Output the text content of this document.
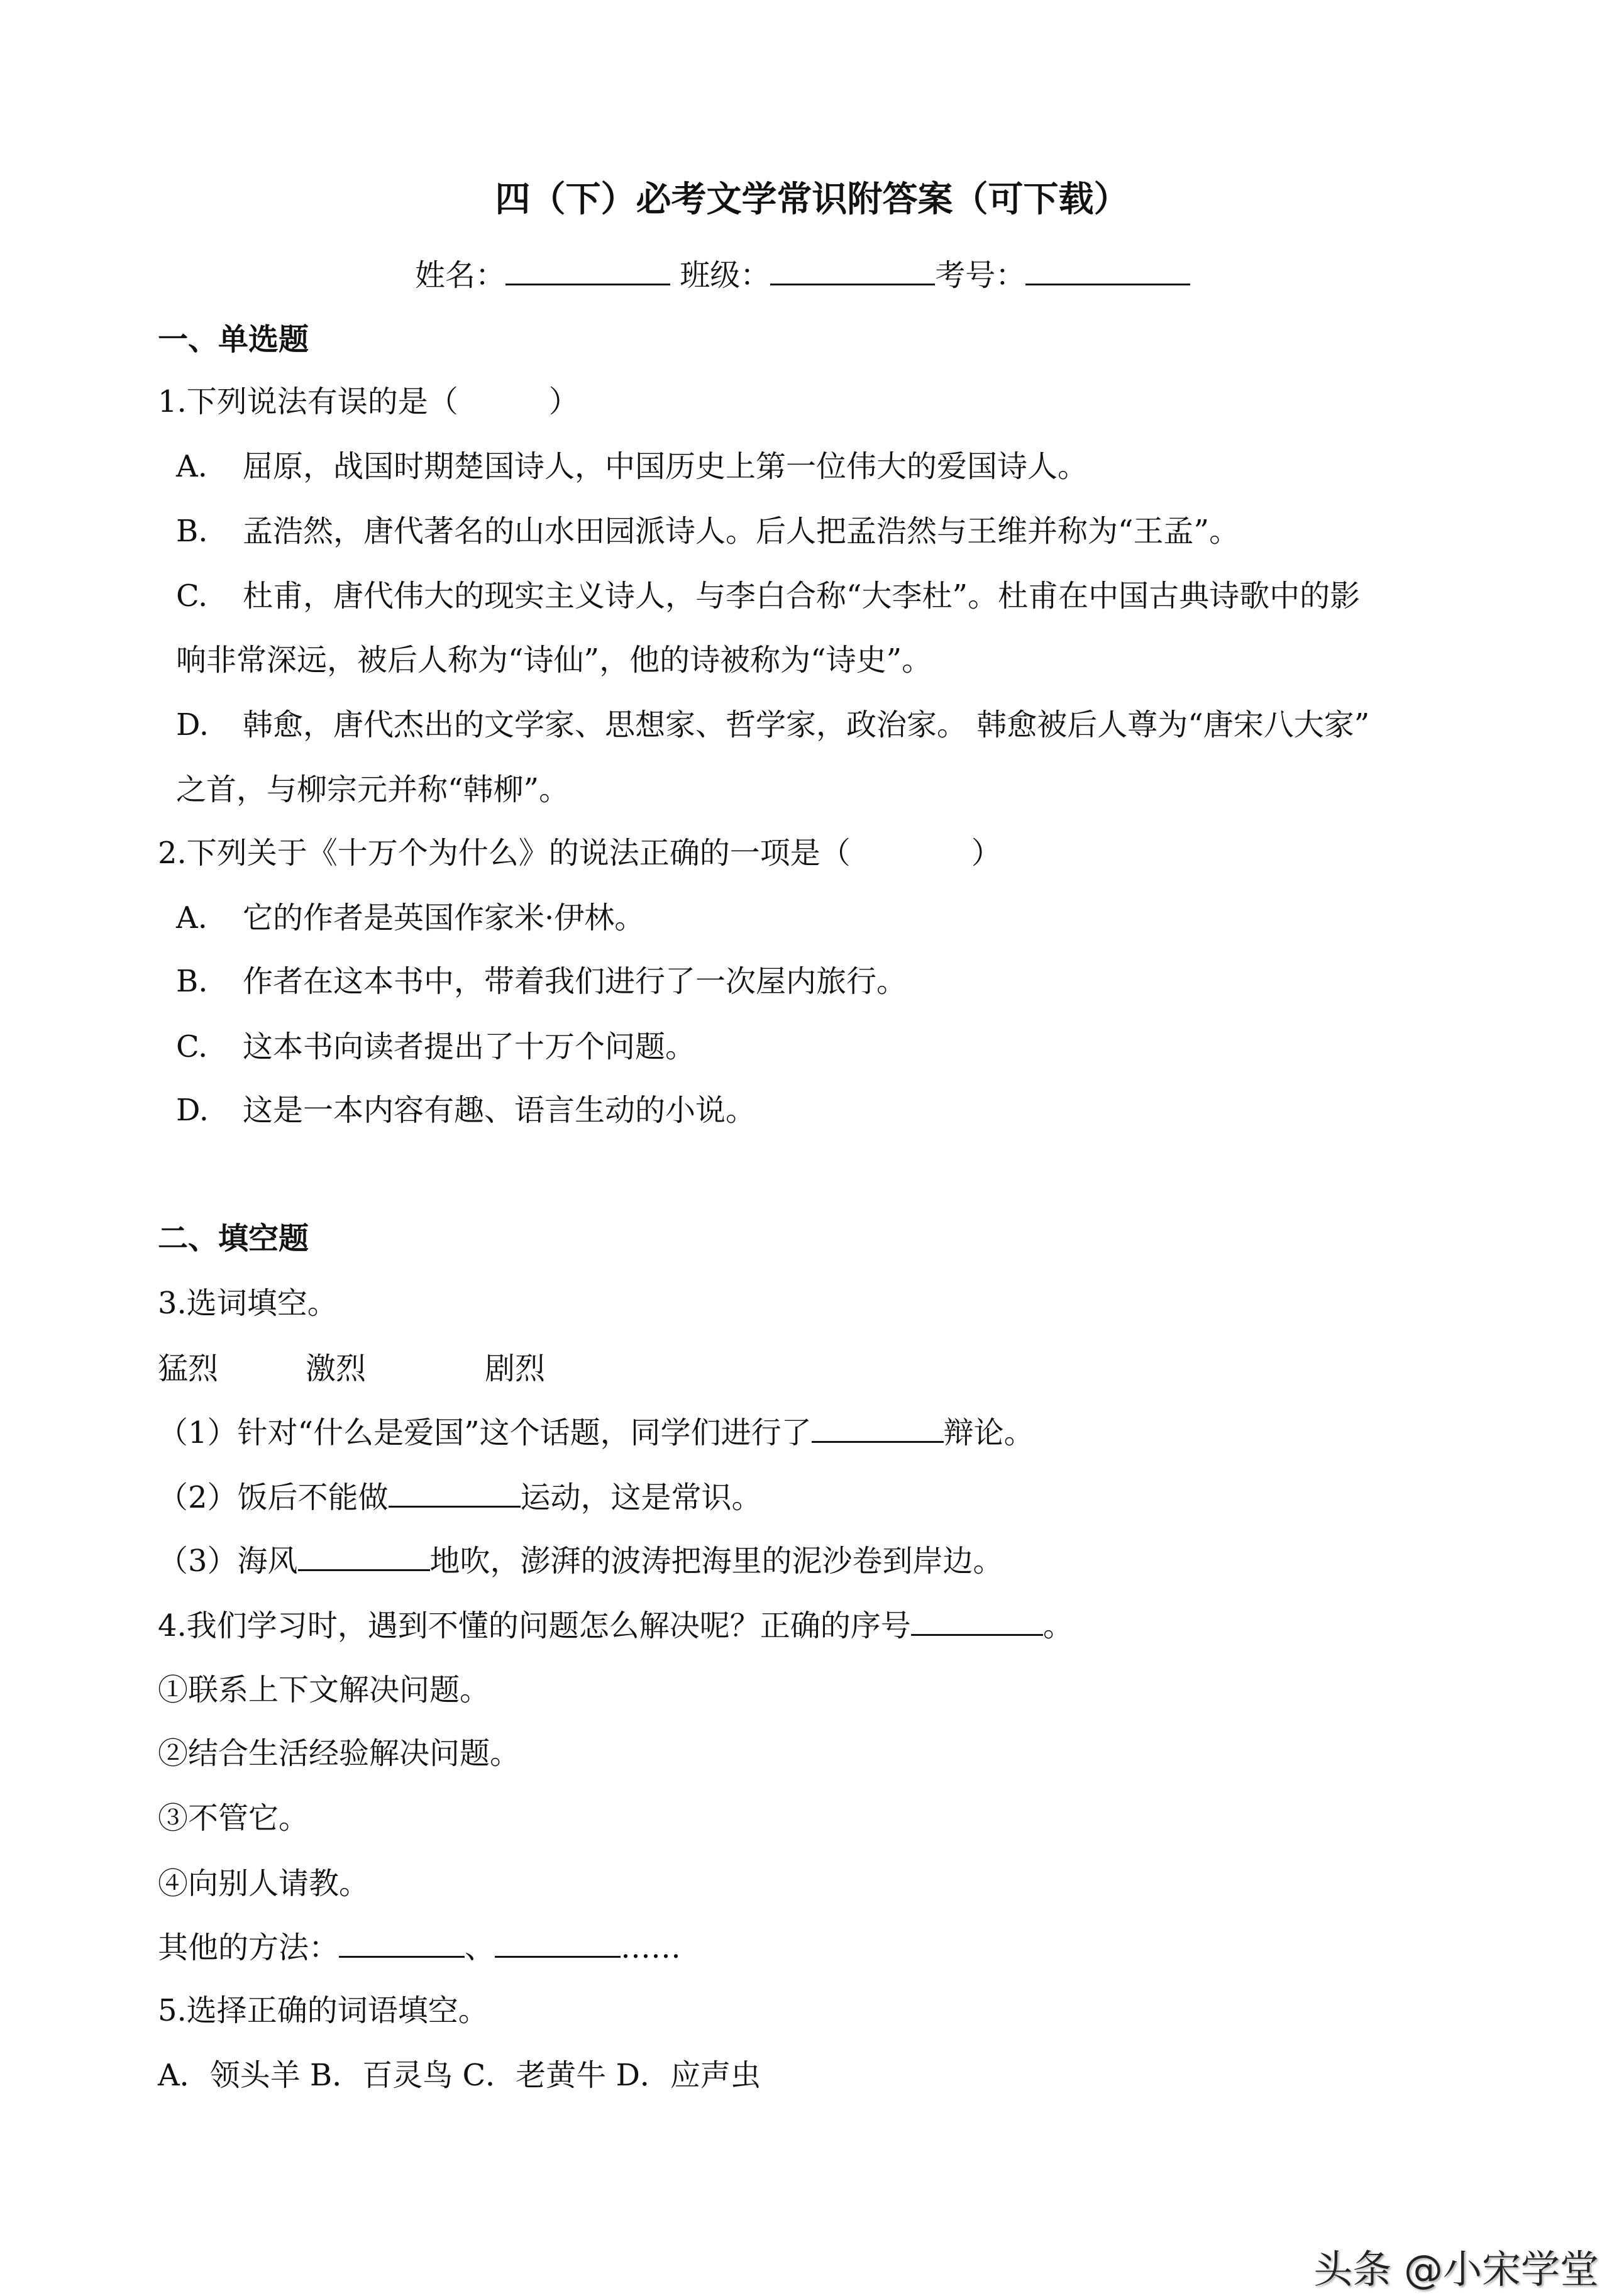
四（下）必考文学常识附答案（可下载）
姓名：	班级：	考号：
一、单选题
1.下列说法有误的是（　　　）
A. 屈原，战国时期楚国诗人，中国历史上第一位伟大的爱国诗人。
B. 孟浩然，唐代著名的山水田园派诗人。后人把孟浩然与王维并称为“王孟”。
C. 杜甫，唐代伟大的现实主义诗人，与李白合称“大李杜”。杜甫在中国古典诗歌中的影
响非常深远，被后人称为“诗仙”，他的诗被称为“诗史”。
D. 韩愈，唐代杰出的文学家、思想家、哲学家，政治家。 韩愈被后人尊为“唐宋八大家”
之首，与柳宗元并称“韩柳”。
2.下列关于《十万个为什么》的说法正确的一项是（　　　　）
A. 它的作者是英国作家米·伊林。
B. 作者在这本书中，带着我们进行了一次屋内旅行。
C. 这本书向读者提出了十万个问题。
D. 这是一本内容有趣、语言生动的小说。
二、填空题
3.选词填空。
猛烈	激烈	剧烈
（1）针对“什么是爱国”这个话题，同学们进行了	辩论。
（2）饭后不能做	运动，这是常识。
（3）海风	地吹，澎湃的波涛把海里的泥沙卷到岸边。
4.我们学习时，遇到不懂的问题怎么解决呢？正确的序号	。
①联系上下文解决问题。
②结合生活经验解决问题。
③不管它。
④向别人请教。
其他的方法：	、	……
5.选择正确的词语填空。
A．领头羊 B．百灵鸟 C．老黄牛 D．应声虫
头条 @小宋学堂
